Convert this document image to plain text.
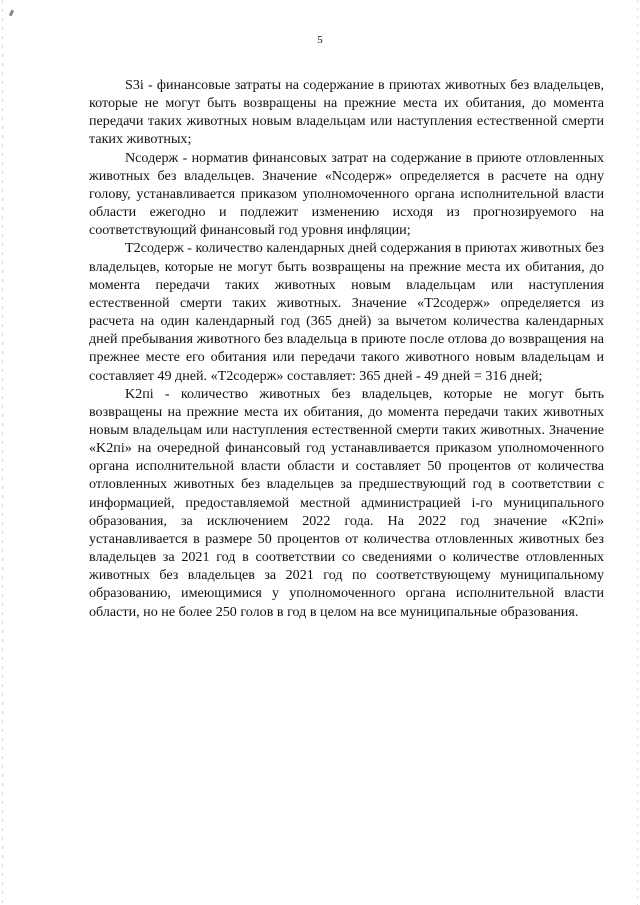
5

S3i - финансовые затраты на содержание в приютах животных без владельцев, которые не могут быть возвращены на прежние места их обитания, до момента передачи таких животных новым владельцам или наступления естественной смерти таких животных;

Nсодерж - норматив финансовых затрат на содержание в приюте отловленных животных без владельцев. Значение «Nсодерж» определяется в расчете на одну голову, устанавливается приказом уполномоченного органа исполнительной власти области ежегодно и подлежит изменению исходя из прогнозируемого на соответствующий финансовый год уровня инфляции;

T2содерж - количество календарных дней содержания в приютах животных без владельцев, которые не могут быть возвращены на прежние места их обитания, до момента передачи таких животных новым владельцам или наступления естественной смерти таких животных. Значение «T2содерж» определяется из расчета на один календарный год (365 дней) за вычетом количества календарных дней пребывания животного без владельца в приюте после отлова до возвращения на прежнее месте его обитания или передачи такого животного новым владельцам и составляет 49 дней. «T2содерж» составляет: 365 дней - 49 дней = 316 дней;

K2пi - количество животных без владельцев, которые не могут быть возвращены на прежние места их обитания, до момента передачи таких животных новым владельцам или наступления естественной смерти таких животных. Значение «K2пi» на очередной финансовый год устанавливается приказом уполномоченного органа исполнительной власти области и составляет 50 процентов от количества отловленных животных без владельцев за предшествующий год в соответствии с информацией, предоставляемой местной администрацией i-го муниципального образования, за исключением 2022 года. На 2022 год значение «K2пi» устанавливается в размере 50 процентов от количества отловленных животных без владельцев за 2021 год в соответствии со сведениями о количестве отловленных животных без владельцев за 2021 год по соответствующему муниципальному образованию, имеющимися у уполномоченного органа исполнительной власти области, но не более 250 голов в год в целом на все муниципальные образования.
